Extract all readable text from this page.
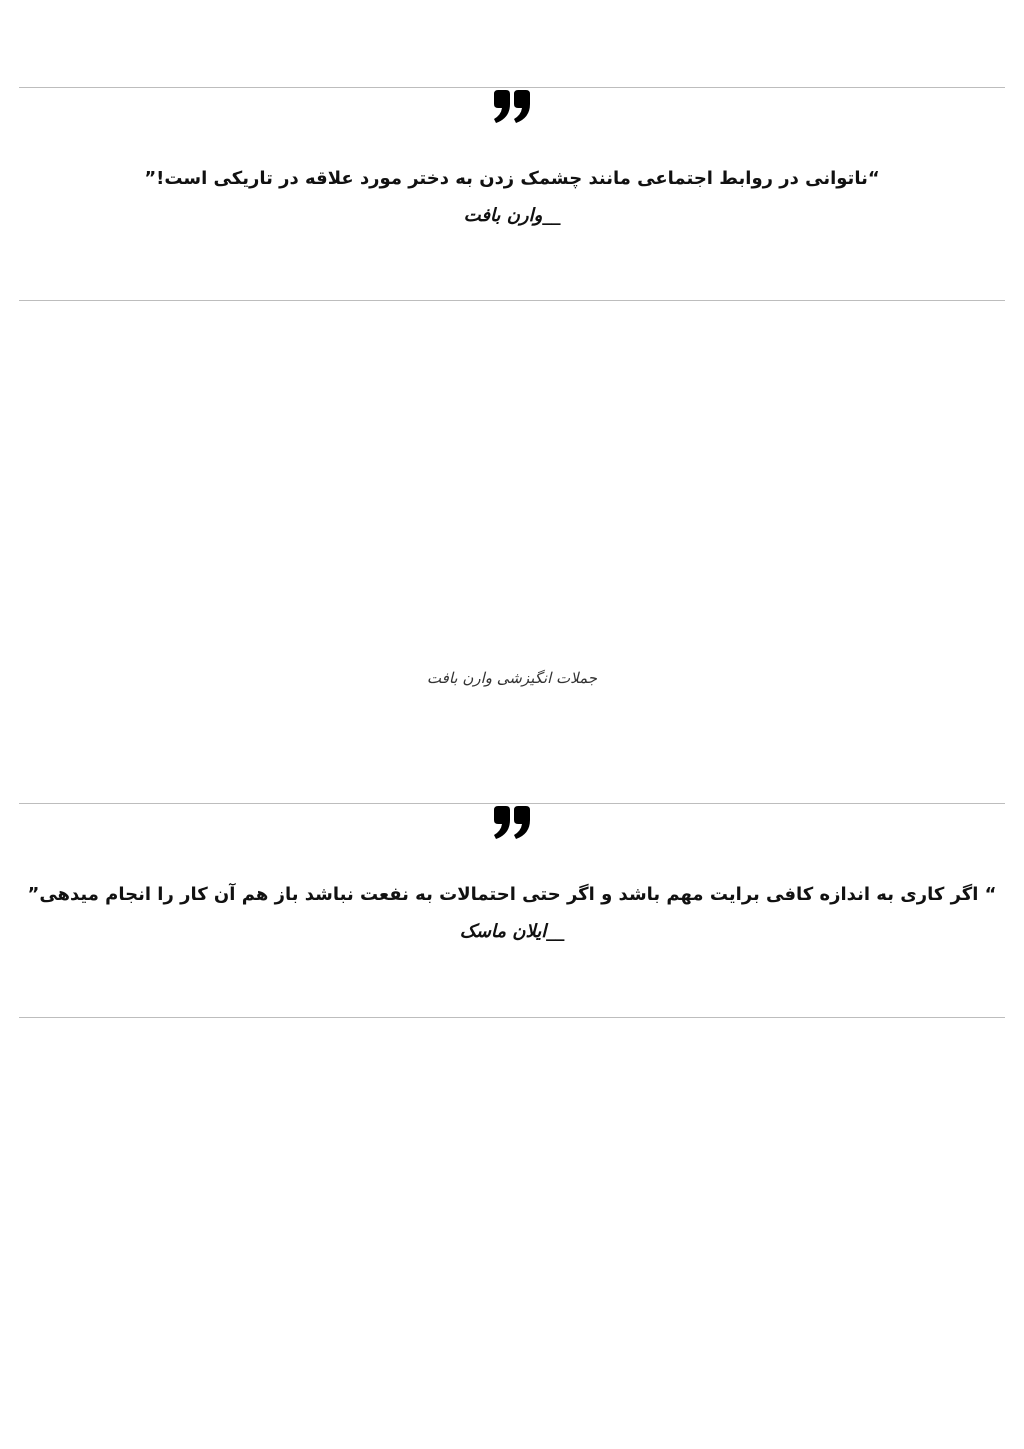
“ناتوانی در روابط اجتماعی مانند چشمک زدن به دختر مورد علاقه در تاریکی است!”
__وارن بافت
جملات انگیزشی وارن بافت
“ اگر کاری به اندازه کافی برایت مهم باشد و اگر حتی احتمالات به نفعت نباشد باز هم آن کار را انجام میدهی”
__ایلان ماسک
